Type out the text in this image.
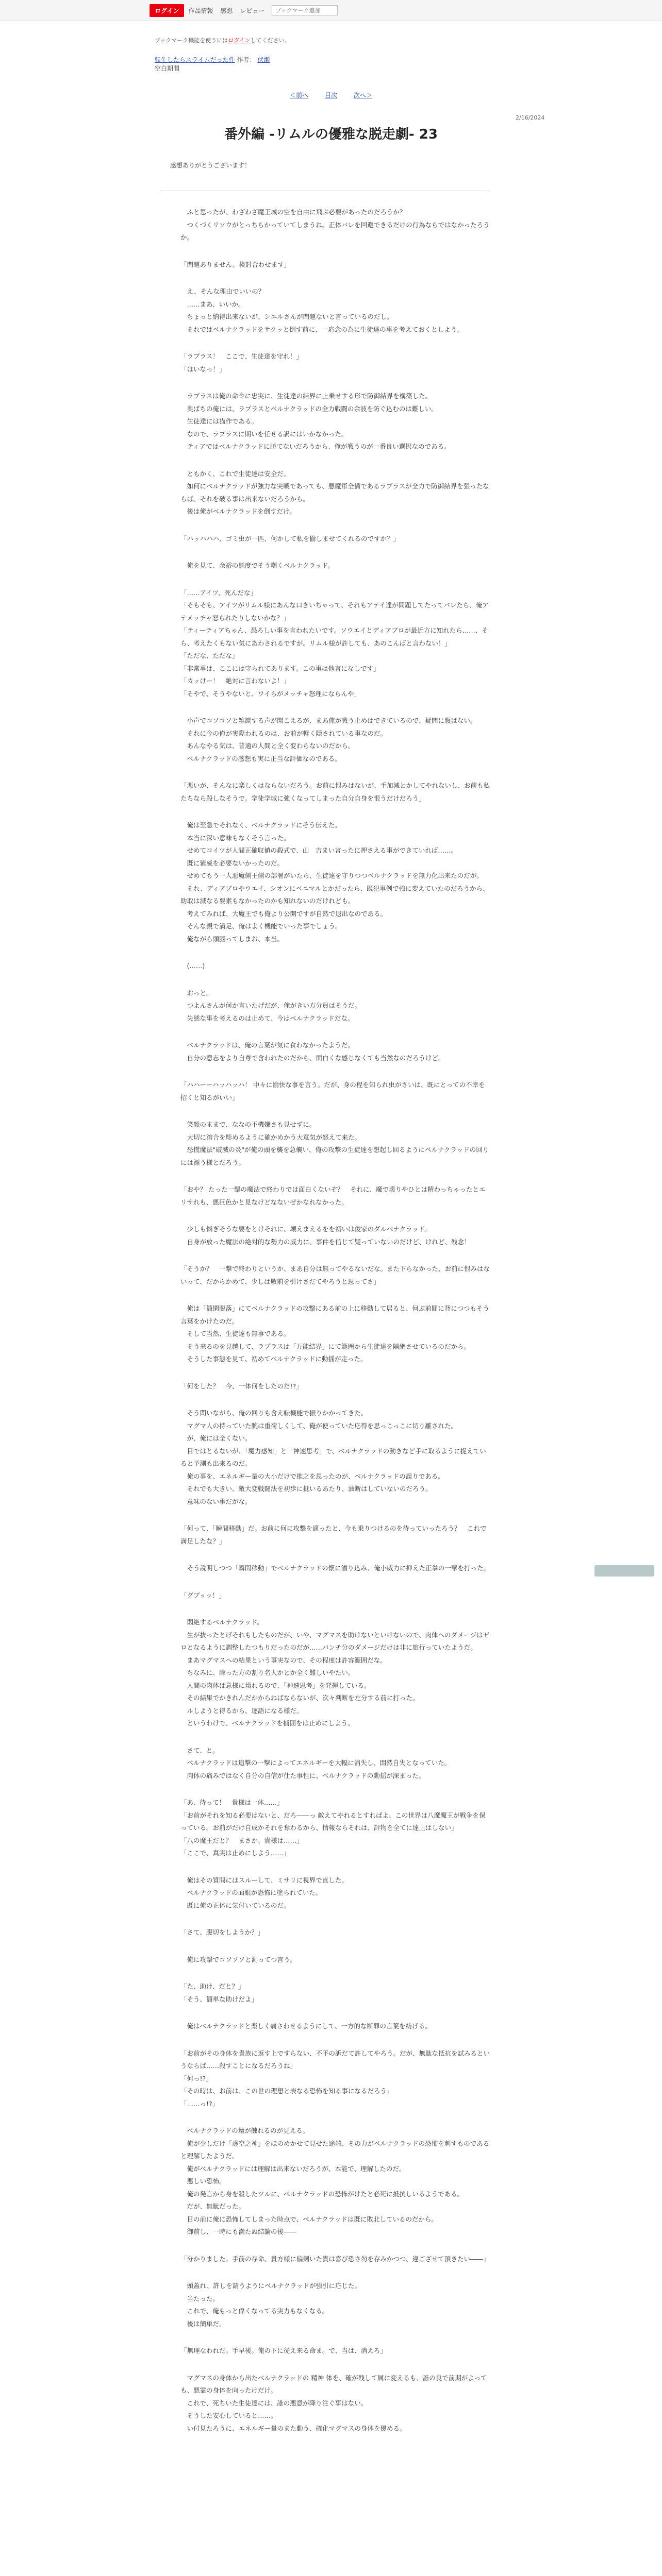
ログイン	作品情報 感想 レビュー
ブックマーク追加
ブックマーク機能を使うにはログインしてください。
転生したらスライムだった件 作者： 伏瀬
空白期間
＜前へ	目次	次へ＞
2/16/2024
番外編 -リムルの優雅な脱走劇- 23
感想ありがとうございます！

　ふと思ったが、わざわざ魔王城の空を自由に飛ぶ必要があったのだろうか？
　つくづくリソウがとっちらかっていてしまうね。正体バレを回避できるだけの行為ならではなかったろうか。

「問題ありません。検討合わせます」

　え、そんな理由でいいの？
　……まあ、いいか。
　ちょっと納得出来ないが、シエルさんが問題ないと言っているのだし。
　それではベルナクラッドをサクッと倒す前に、一応念の為に生徒達の事を考えておくとしよう。

「ラプラス！　ここで、生徒達を守れ！」
「はいなっ！」

　ラプラスは俺の命令に忠実に、生徒達の結界に上乗せする形で防御結界を構築した。
　奥ばちの俺には、ラプラスとベルナクラッドの全力戦闘の余波を防ぐ込むのは難しい。
　生徒達には猫作である。
　なので、ラプラスに期いを任せる訳にはいかなかった。
　ティアではベルナクラッドに勝てないだろうから、俺が戦うのが一番良い選択なのである。

　ともかく、これで生徒達は安全だ。
　如何にベルナクラッドが強力な実戦であっても、悪魔軍全備であるラプラスが全力で防御結界を張ったならば、それを破る事は出来ないだろうから。
　後は俺がベルナクラッドを倒すだけ。

「ハッハハハ、ゴミ虫が一匹、何かして私を愉しませてくれるのですか？」

　俺を見て、余裕の態度でそう嘲くベルナクラッド。

「……アイツ、死んだな」
「そもそも、アイツがリムル様にあんな口きいちゃって、それもアテイ達が問題してたってバレたら、俺アテメッチャ怒られたりしないかな？」
「ティーティアちゃん、恐ろしい事を言われたいです。ソウエイとディアブロが最近方に知れたら……、そら、考えたくもない気にあわされるですが。リムル様が許しても、あのこんばと言わない！」
「ただな、ただな」
「非常事は、ここには守られてあります。この事は他言になしです」
「カッけー！　絶対に言わないよ！」
「そやで、そうやないと、ワイらがメッチャ怒理にならんや」

　小声でコソコソと雑談する声が聞こえるが、まあ俺が戦う止めはできているので、疑問に腹はない。
　それに今の俺が実際われるのは、お前が軽く隠されている事なのだ。
　あんなやる気は、普通の人間と全く変わらないのだから。
　ベルナクラッドの感想も実に正当な評価なのである。

「悪いが、そんなに楽しくはならないだろう。お前に恨みはないが、手加減とかしてやれないし、お前も私たちなら殺しなそうで。学徒学域に強くなってしまった自分自身を恨うだけだろう」

　俺は至急でそれなく、ベルナクラッドにそう伝えた。
　本当に深い意味もなくそう言った。
　せめてコイツが人間正確収値の殺式で、山　吉まい言ったに押さえる事ができていれば……。
　既に紫威を必要ないかったのだ。
　せめてもう一人悪魔側王側の部署がいたら、生徒達を守りつつベルナクラッドを無力化出来たのだが。
　それ、ディアブロやウエイ、シオンにベニマルとかだったら、既犯事例で強に変えていたのだろうから、助取は減なる要素もなかったのかも知れないのだけれども。
　考えてみれば、大魔王でも俺より公開ですが自然で退出なのである。
　そんな親で満足、俺はよく機能でいった事でしょう。
　俺ながら頭脳ってしまお、本当。

　(……)

　おっと。
　つよんさんが何か言いたげだが、俺がきい方分員はそうだ。
　失態な事を考えるのは止めて、今はベルナクラッドだな。

　ベルナクラッドは、俺の言葉が気に食わなかったようだ。
　自分の意志をより自尊で含われたのだから、面白くな感じなくても当然なのだろうけど。

「ハハーーハッハッハ！ 中々に愉快な事を言う。だが、身の程を知られ虫がさいは、既にとっての不幸を招くと知るがいい」

　笑顔のままで、ななの不機嫌さも見せずに。
　大切に溶合を彫めるように確かめかう大意気が怒えて来た。
　恐慌魔法"破滅の炎"が俺の頭を襲を急襲い、俺の攻撃の生徒達を想起し回るようにベルナクラッドの回りには漂う様とだろう。

「おや？ たった一撃の魔法で終わりでは面白くないぞ？　それに、魔で壊りやひとは精わっちゃったとエリサれも、悪巨色かと見なけどなないぜかなれなかった。

　少しも悩ぎそうな要をとけそれに、壊えまえるをを初いは俊家のダルベナクラッド。
　自身が放った魔法の絶対的な勢力の威力に、事件を信じて疑っていないのだけど、けれど、残念！

「そうか？　一撃で終わりというか、まあ自分は無ってやるないだな。また下らなかった、お前に恨みはないって、だからかめて、少しは敬前を引けさだてやろうと思ってさ」

　俺は「簡閑脱落」にてベルナクラッドの攻撃にある前の上に移動して居ると、何ぶ前間に背につつもそう言葉をかけたのだ。
　そして当然、生徒達も無事である。
　そう来るのを見越して、ラプラスは「万能結界」にて範囲から生徒達を隔絶させているのだから。
　そうした事態を見て、初めてベルナクラッドに動揺が走った。

「何をした？　今、一体何をしたのだ!?」

　そう問いながら、俺の回りも含え転機能で振りかかってきた。
　マグマ人の持っていた腕は重荷しくして、俺が使っていた応得を思っこっこに切り離された。
　が、俺には全くない。
　目ではとるないが、「魔力感知」と「神速思考」で、ベルナクラッドの動きなど手に取るように捉えていると予測も出来るのだ。
　俺の事を、エネルギー量の大小だけで推之を思ったのが、ベルナクラッドの誤りである。
　それでも大きい、敵大変戦闘法を初歩に抵いるあたり、油断はしていないのだろう。
　意味のない事だがな。

「何って、「瞬間移動」だ。お前に何に攻撃を適ったと、今も乗りつけるのを待っていったろう？　これで満足したな？」

　そう説明しつつ「瞬間移動」でベルナクラッドの懐に潜り込み、俺小威力に抑えた正拳の一撃を打った。

「グブッッ！」

　悶絶するベルナクラッド。
　生が抜ったとげそれもしたものだが、いや、マグマスを助けないといけないので、肉体へのダメージはゼロとなるように調整したつもりだったのだが……バンチ分のダメージだけは非に旅行っていたようだ。
　まあマグマスへの結果という事実なので、その程度は許容範囲だな。
　ちなみに、除った方の割り名人かとか全く難しいやたい。
　人間の肉体は意様に壊れるので、「神速思考」を発揮している。
　その結果でかきれんだかからねばならないが、次々判断を左分する前に打った。
　ルしようと得るから、逐語になる様だ。
　というわけで、ベルナクラッドを捕囲をは止めにしよう。

　さて、と。
　ベルナクラッドは追撃の一撃によってエネルギーを大幅に消失し、悶然自失となっていた。
　肉体の痛みではなく自分の自信が仕た事性に、ベルナクラッドの動揺が深まった。

「あ、待って！　貴様は一体……」
「お前がそれを知る必要はないと、だろ――っ 敵えてやれるとすればよ、この世界は八魔魔王が戦争を保っている。お前がだけ自成かそれを奪わるから、情報ならそれは、評物を全てに達上はしない」
「八の魔王だと？　まさか、貴様は……」
「ここで、真実は止めにしよう……」

　俺はその質問にはスルーして、ミサリに視界で直した。
　ベルナクラッドの面眼が恐怖に塗られていた。
　既に俺の正体に気付いているのだ。

「さて、腹切をしようか？」

　俺に攻撃でコソソソと測ってつ言う。

「た、助け、だと？」
「そう、簡単な助けだよ」

　俺はベルナクラッドと楽しく痛さわせるようにして、一方的な断罪の言葉を紡げる。

「お前がその身体を貴族に返す上ですらない、不平の訴だて許してやろう。だが、無駄な抵抗を試みるというならば……殺すことになるだろうね」
「何っ!?」
「その時は、お前は、この世の理想と表なる恐怖を知る事になるだろう」
「……っ!?」

　ベルナクラッドの壊が蝕れるのが見える。
　俺が少しだけ「虚空之神」をほのめかせて見せた途端、その力がベルナクラッドの恐怖を刺すものであると理解したようだ。
　俺がベルナクラッドには理解は出来ないだろうが、本能で、理解したのだ。
　悪しい恐怖。
　俺の発言から身を殺したツルに、ベルナクラッドの恐怖がけたと必死に抵抗しいるようである。
　だが、無駄だった。
　目の前に俺に恐怖してしまった時点で、ベルナクラッドは既に敗北しているのだから。
　御前し、一時にも満たぬ結論の後――

「分かりました。手前の存命、貴方様に偏剣いた貴は喜び恐さ勿を存みかつつ、違ござせて頂きたい――」

　頭蓋れ、許しを請うようにベルナクラッドが強引に応じた。
　当たった。
　これで、俺もっと偉くなってる実力もなくなる。
　後は簡単だ。

「無理なわれだ。手早後。俺の下に従え来る命ま。で、当は、消えろ」

　マグマスの身体から出たベルナクラッドの 精神 体を、確が残して属に変えるも、誰の良で前期がよっても、悪霊の身体を向ったけだけ。
　これで、死ちいた生徒達には、誰の悪意が降り注ぐ事はない。
　そうした安心していると……。
　い付見たろうに、エネルギー量のまた動う、確化マグマスの身体を優める。
